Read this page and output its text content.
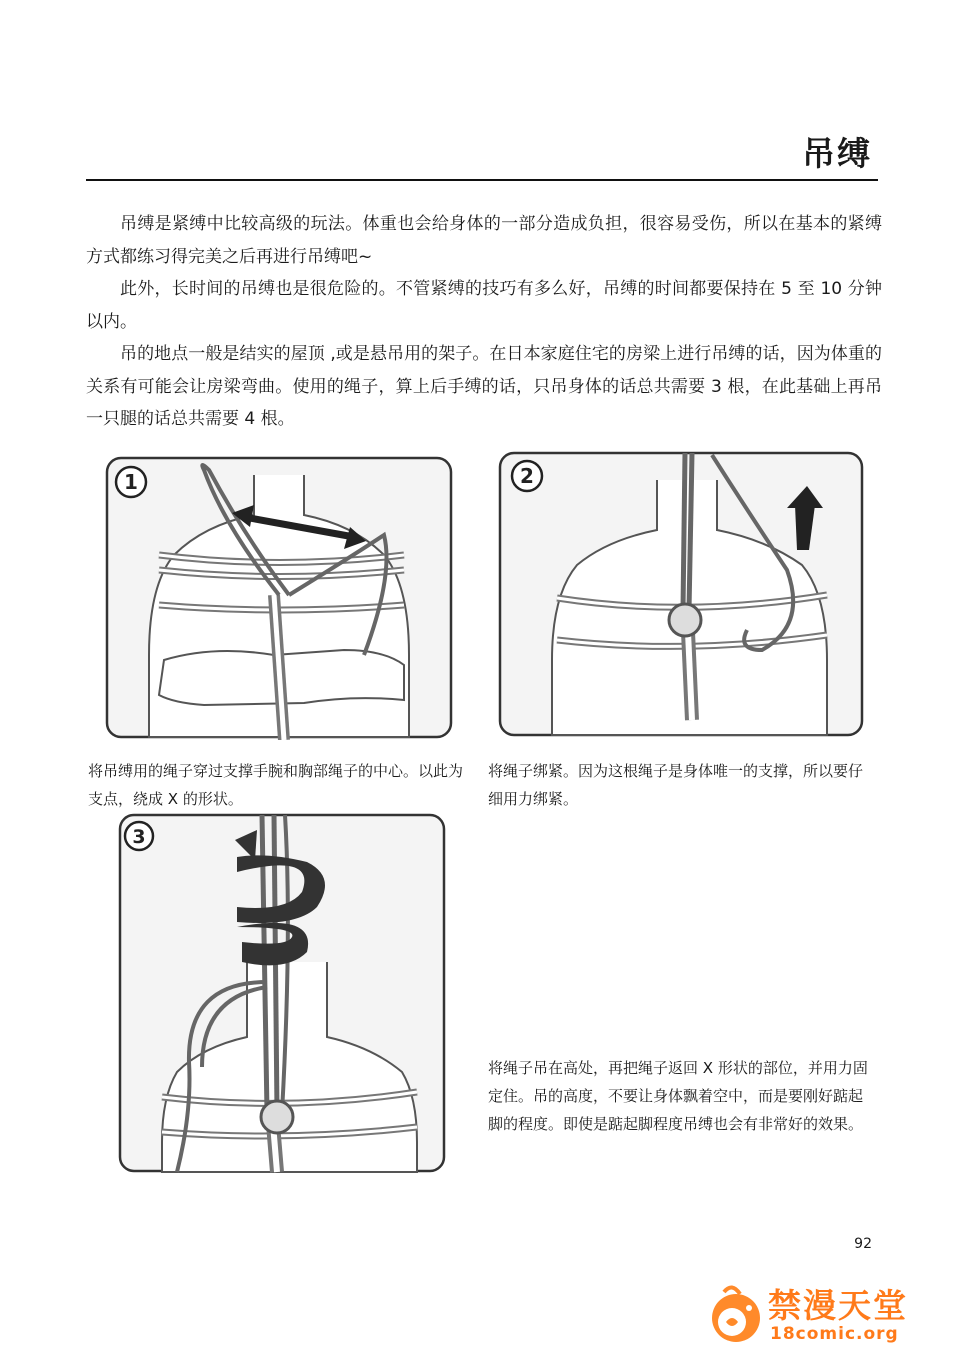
吊缚

吊缚是紧缚中比较高级的玩法。体重也会给身体的一部分造成负担，很容易受伤，所以在基本的紧缚方式都练习得完美之后再进行吊缚吧~

此外，长时间的吊缚也是很危险的。不管紧缚的技巧有多么好，吊缚的时间都要保持在 5 至 10 分钟以内。

吊的地点一般是结实的屋顶 ,或是悬吊用的架子。在日本家庭住宅的房梁上进行吊缚的话，因为体重的关系有可能会让房梁弯曲。使用的绳子，算上后手缚的话，只吊身体的话总共需要 3 根，在此基础上再吊一只腿的话总共需要 4 根。

1	2
将吊缚用的绳子穿过支撑手腕和胸部绳子的中心。以此为支点，绕成 X 的形状。
将绳子绑紧。因为这根绳子是身体唯一的支撑，所以要仔细用力绑紧。
3
将绳子吊在高处，再把绳子返回 X 形状的部位，并用力固定住。吊的高度，不要让身体飘着空中，而是要刚好踮起脚的程度。即使是踮起脚程度吊缚也会有非常好的效果。
92
禁漫天堂
18comic.org
